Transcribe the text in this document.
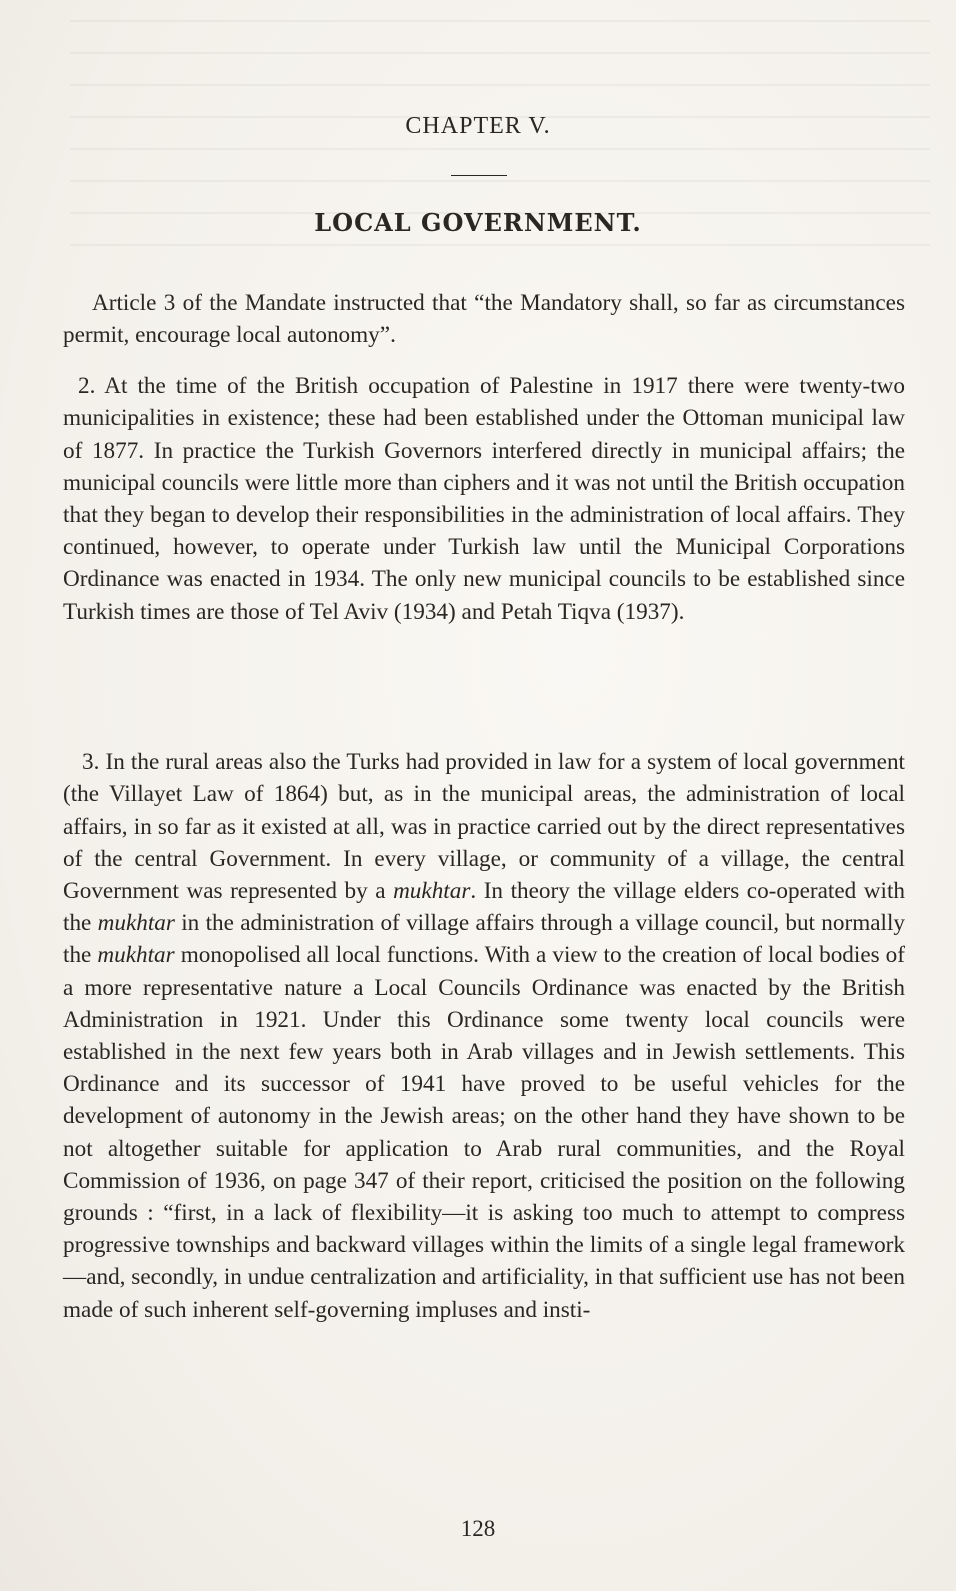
CHAPTER V.
LOCAL GOVERNMENT.

Article 3 of the Mandate instructed that “the Mandatory shall, so far as circumstances permit, encourage local autonomy”.

2. At the time of the British occupation of Palestine in 1917 there were twenty-two municipalities in existence; these had been established under the Ottoman municipal law of 1877. In practice the Turkish Governors interfered directly in municipal affairs; the municipal councils were little more than ciphers and it was not until the British occupation that they began to develop their responsibilities in the administration of local affairs. They continued, however, to operate under Turkish law until the Municipal Corporations Ordinance was enacted in 1934. The only new municipal councils to be established since Turkish times are those of Tel Aviv (1934) and Petah Tiqva (1937).

3. In the rural areas also the Turks had provided in law for a system of local government (the Villayet Law of 1864) but, as in the municipal areas, the administration of local affairs, in so far as it existed at all, was in practice carried out by the direct representatives of the central Government. In every village, or community of a village, the central Government was represented by a mukhtar. In theory the village elders co-operated with the mukhtar in the administration of village affairs through a village council, but normally the mukhtar monopolised all local functions. With a view to the creation of local bodies of a more representative nature a Local Councils Ordinance was enacted by the British Administration in 1921. Under this Ordinance some twenty local councils were established in the next few years both in Arab villages and in Jewish settlements. This Ordinance and its successor of 1941 have proved to be useful vehicles for the development of autonomy in the Jewish areas; on the other hand they have shown to be not altogether suitable for application to Arab rural communities, and the Royal Commission of 1936, on page 347 of their report, criticised the position on the following grounds : “first, in a lack of flexibility—it is asking too much to attempt to compress progressive townships and backward villages within the limits of a single legal framework—and, secondly, in undue centralization and artificiality, in that sufficient use has not been made of such inherent self-governing impluses and insti-

128
